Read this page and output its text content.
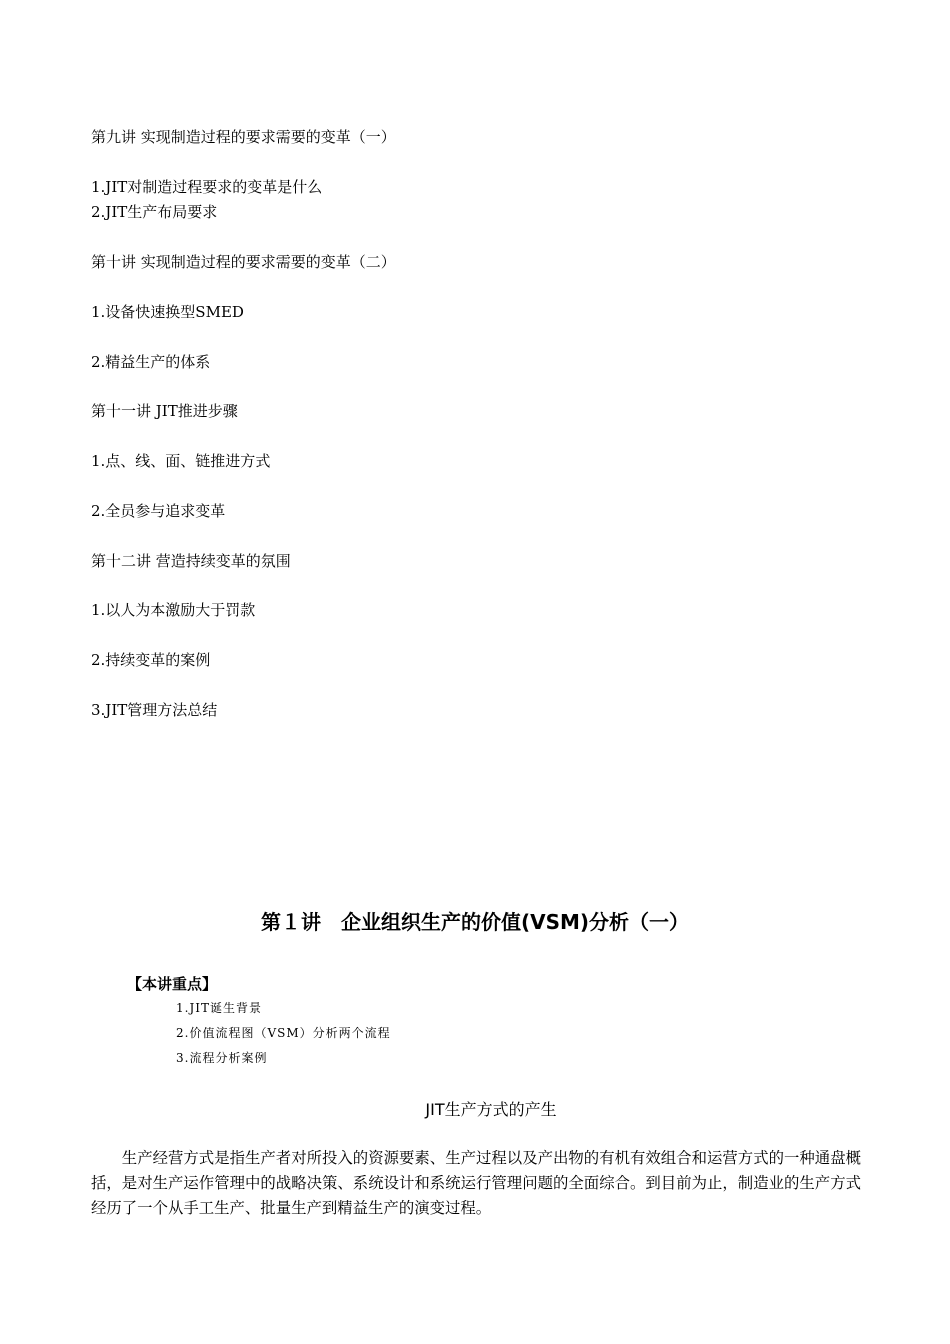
第九讲 实现制造过程的要求需要的变革（一）
1.JIT对制造过程要求的变革是什么
2.JIT生产布局要求
第十讲 实现制造过程的要求需要的变革（二）
1.设备快速换型SMED
2.精益生产的体系
第十一讲 JIT推进步骤
1.点、线、面、链推进方式
2.全员参与追求变革
第十二讲 营造持续变革的氛围
1.以人为本激励大于罚款
2.持续变革的案例
3.JIT管理方法总结
第１讲　企业组织生产的价值(VSM)分析（一）
【本讲重点】
1.JIT诞生背景
2.价值流程图（VSM）分析两个流程
3.流程分析案例
JIT生产方式的产生
生产经营方式是指生产者对所投入的资源要素、生产过程以及产出物的有机有效组合和运营方式的一种通盘概括，是对生产运作管理中的战略决策、系统设计和系统运行管理问题的全面综合。到目前为止，制造业的生产方式经历了一个从手工生产、批量生产到精益生产的演变过程。
